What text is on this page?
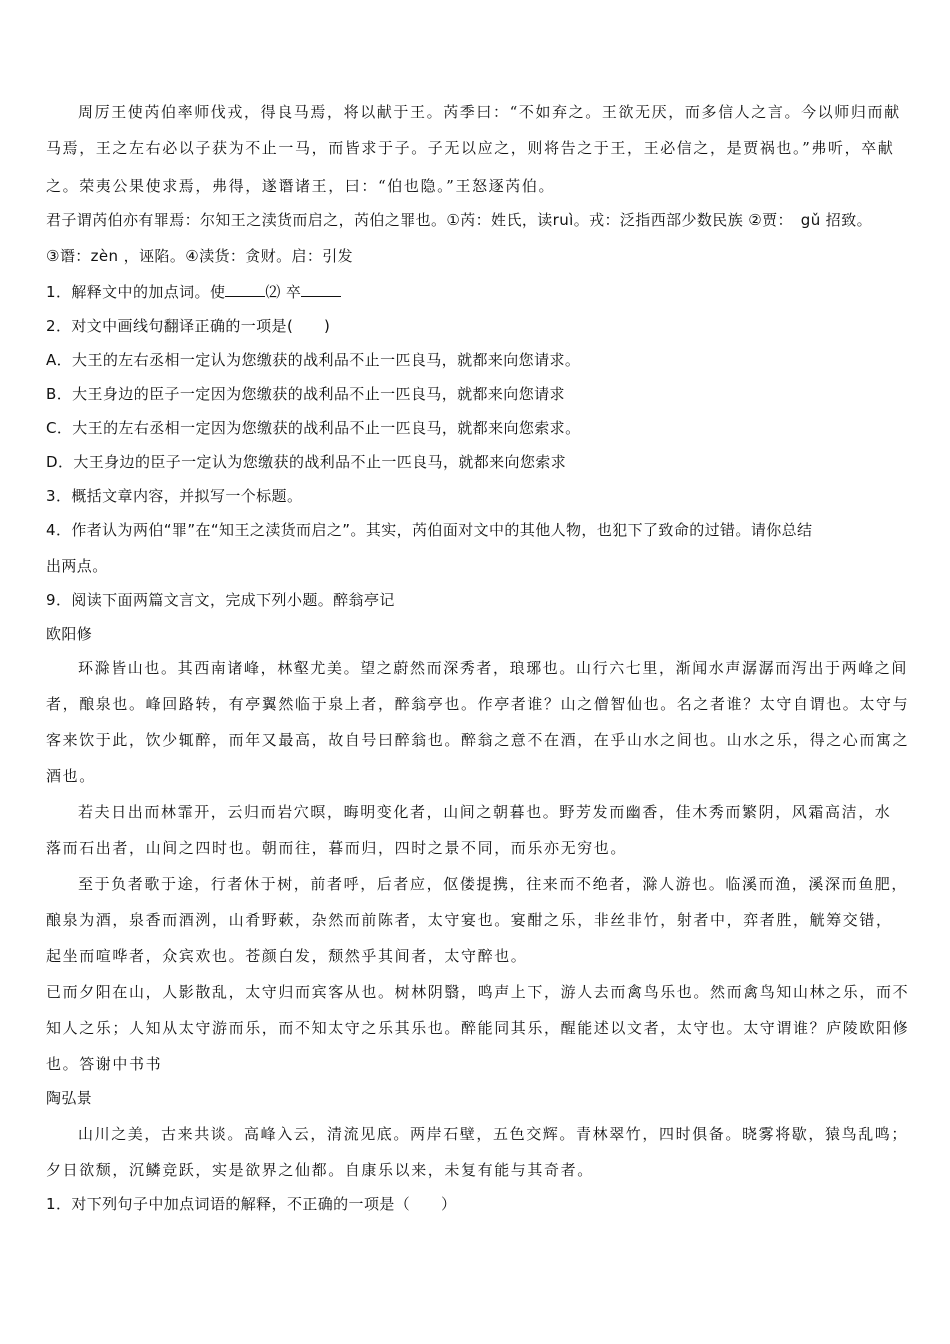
周厉王使芮伯率师伐戎，得良马焉，将以献于王。芮季曰：“不如弃之。王欲无厌，而多信人之言。今以师归而献
马焉，王之左右必以子获为不止一马，而皆求于子。子无以应之，则将告之于王，王必信之，是贾祸也。”弗听，卒献
之。荣夷公果使求焉，弗得，遂谮诸王，曰：“伯也隐。”王怒逐芮伯。
君子谓芮伯亦有罪焉：尔知王之渎货而启之，芮伯之罪也。①芮：姓氏，读ruì。戎：泛指西部少数民族 ②贾：　gǔ 招致。
③谮：zèn ，诬陷。④渎货：贪财。启：引发
1．解释文中的加点词。使	⑵ 卒
2．对文中画线句翻译正确的一项是(　　)
A．大王的左右丞相一定认为您缴获的战利品不止一匹良马，就都来向您请求。
B．大王身边的臣子一定因为您缴获的战利品不止一匹良马，就都来向您请求
C．大王的左右丞相一定因为您缴获的战利品不止一匹良马，就都来向您索求。
D．大王身边的臣子一定认为您缴获的战利品不止一匹良马，就都来向您索求
3．概括文章内容，并拟写一个标题。
4．作者认为两伯“罪”在“知王之渎货而启之”。其实，芮伯面对文中的其他人物，也犯下了致命的过错。请你总结
出两点。
9．阅读下面两篇文言文，完成下列小题。醉翁亭记
欧阳修
环滁皆山也。其西南诸峰，林壑尤美。望之蔚然而深秀者，琅琊也。山行六七里，渐闻水声潺潺而泻出于两峰之间
者，酿泉也。峰回路转，有亭翼然临于泉上者，醉翁亭也。作亭者谁？山之僧智仙也。名之者谁？太守自谓也。太守与
客来饮于此，饮少辄醉，而年又最高，故自号曰醉翁也。醉翁之意不在酒，在乎山水之间也。山水之乐，得之心而寓之
酒也。
若夫日出而林霏开，云归而岩穴暝，晦明变化者，山间之朝暮也。野芳发而幽香，佳木秀而繁阴，风霜高洁，水
落而石出者，山间之四时也。朝而往，暮而归，四时之景不同，而乐亦无穷也。
至于负者歌于途，行者休于树，前者呼，后者应，伛偻提携，往来而不绝者，滁人游也。临溪而渔，溪深而鱼肥，
酿泉为酒，泉香而酒洌，山肴野蔌，杂然而前陈者，太守宴也。宴酣之乐，非丝非竹，射者中，弈者胜，觥筹交错，
起坐而喧哗者，众宾欢也。苍颜白发，颓然乎其间者，太守醉也。
已而夕阳在山，人影散乱，太守归而宾客从也。树林阴翳，鸣声上下，游人去而禽鸟乐也。然而禽鸟知山林之乐，而不
知人之乐；人知从太守游而乐，而不知太守之乐其乐也。醉能同其乐，醒能述以文者，太守也。太守谓谁？庐陵欧阳修
也。答谢中书书
陶弘景
山川之美，古来共谈。高峰入云，清流见底。两岸石壁，五色交辉。青林翠竹，四时俱备。晓雾将歇，猿鸟乱鸣；
夕日欲颓，沉鳞竞跃，实是欲界之仙都。自康乐以来，未复有能与其奇者。
1．对下列句子中加点词语的解释，不正确的一项是（　　）
